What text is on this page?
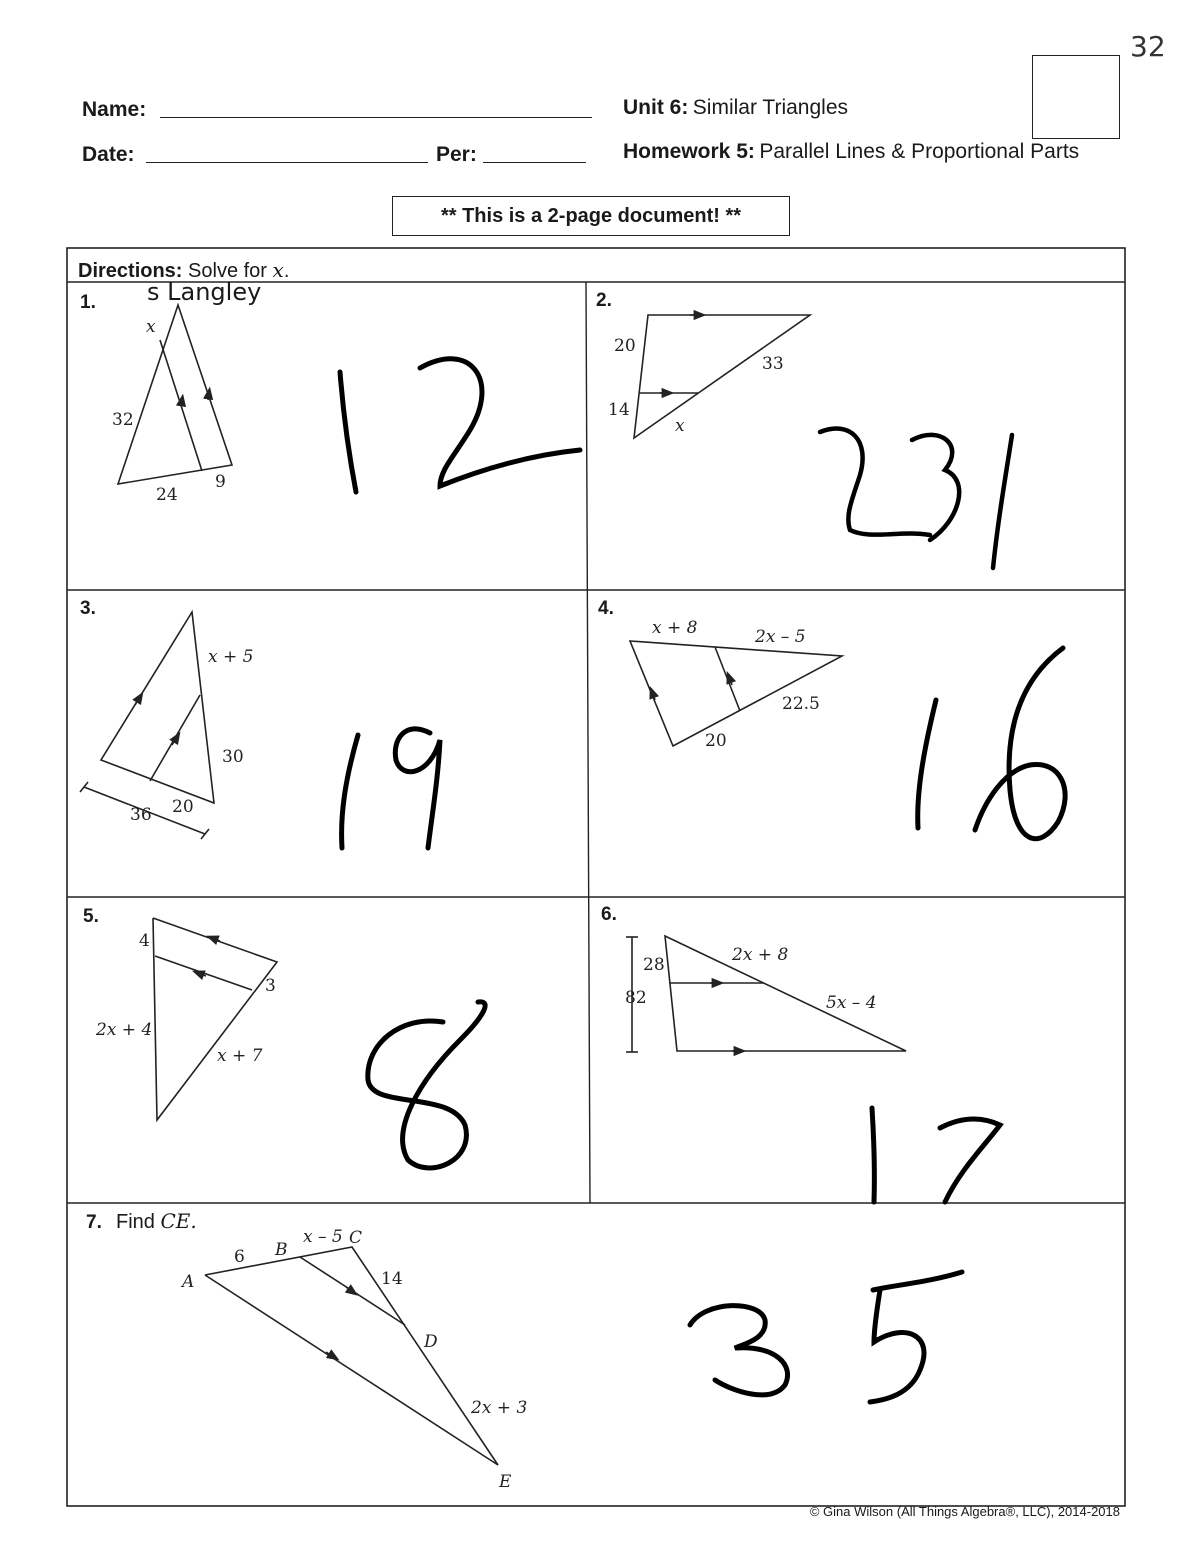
Name:
Date:	Per:
Unit 6: Similar Triangles
Homework 5: Parallel Lines & Proportional Parts
32
** This is a 2-page document! **
Directions: Solve for x.
s Langley
1.	2.
3.	4.
5.	6.
7. Find CE.
x
32
24
9
20
14
33
x
x + 5
30
36 20
x + 8	2x – 5
22.5
20
4
3
2x + 4
x + 7
28
82
2x + 8
5x – 4
A
6 B
x – 5 C
14
D
2x + 3
E
© Gina Wilson (All Things Algebra®, LLC), 2014-2018
